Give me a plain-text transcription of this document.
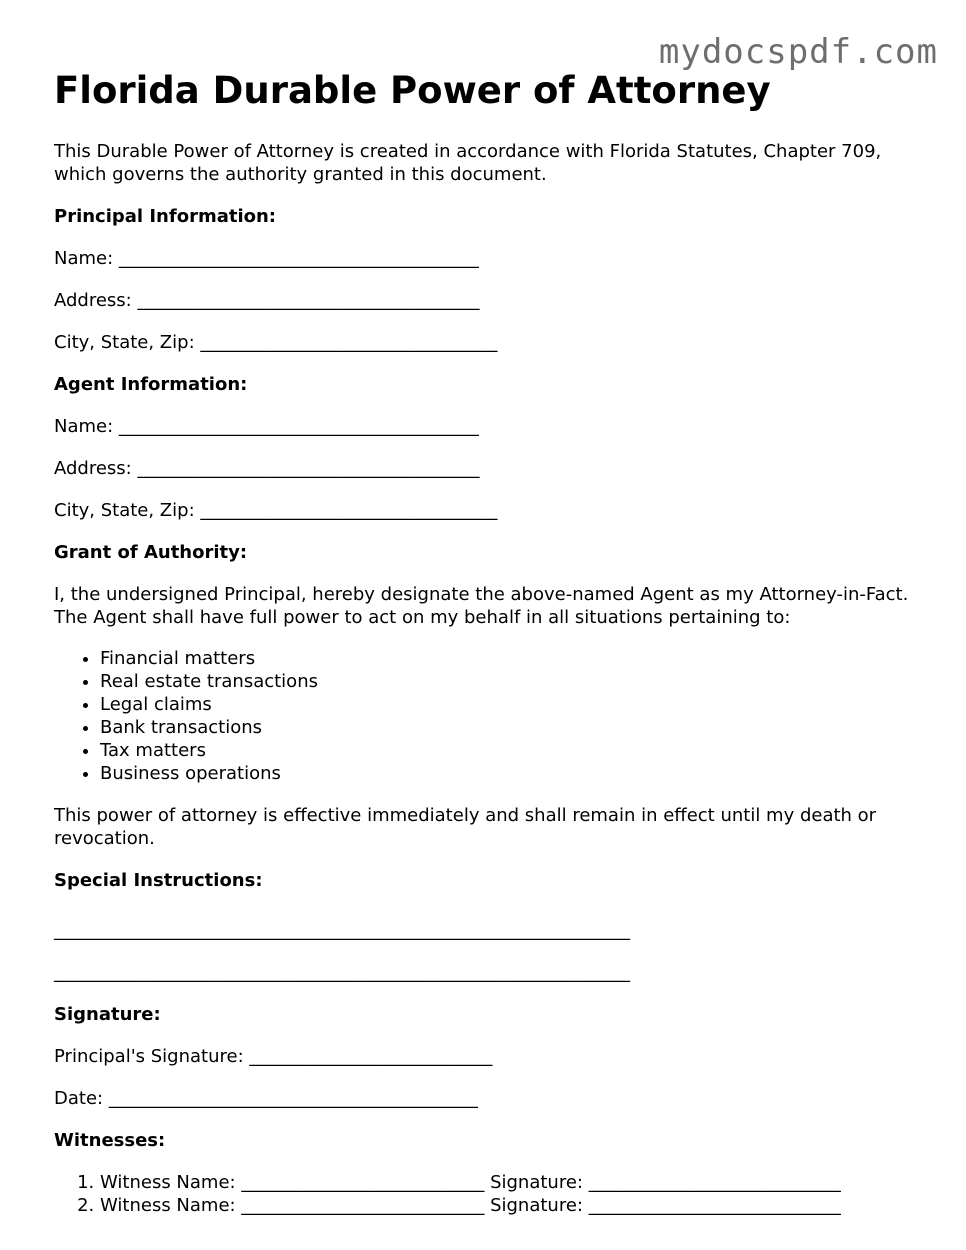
mydocspdf.com
Florida Durable Power of Attorney

This Durable Power of Attorney is created in accordance with Florida Statutes, Chapter 709, which governs the authority granted in this document.

Principal Information:

Name: ________________________________________

Address: ______________________________________

City, State, Zip: _________________________________

Agent Information:

Name: ________________________________________

Address: ______________________________________

City, State, Zip: _________________________________

Grant of Authority:

I, the undersigned Principal, hereby designate the above-named Agent as my Attorney-in-Fact. The Agent shall have full power to act on my behalf in all situations pertaining to:

• Financial matters
• Real estate transactions
• Legal claims
• Bank transactions
• Tax matters
• Business operations

This power of attorney is effective immediately and shall remain in effect until my death or revocation.

Special Instructions:

________________________________________________________________

________________________________________________________________

Signature:

Principal's Signature: ___________________________

Date: _________________________________________

Witnesses:

1. Witness Name: ___________________________ Signature: ____________________________
2. Witness Name: ___________________________ Signature: ____________________________
